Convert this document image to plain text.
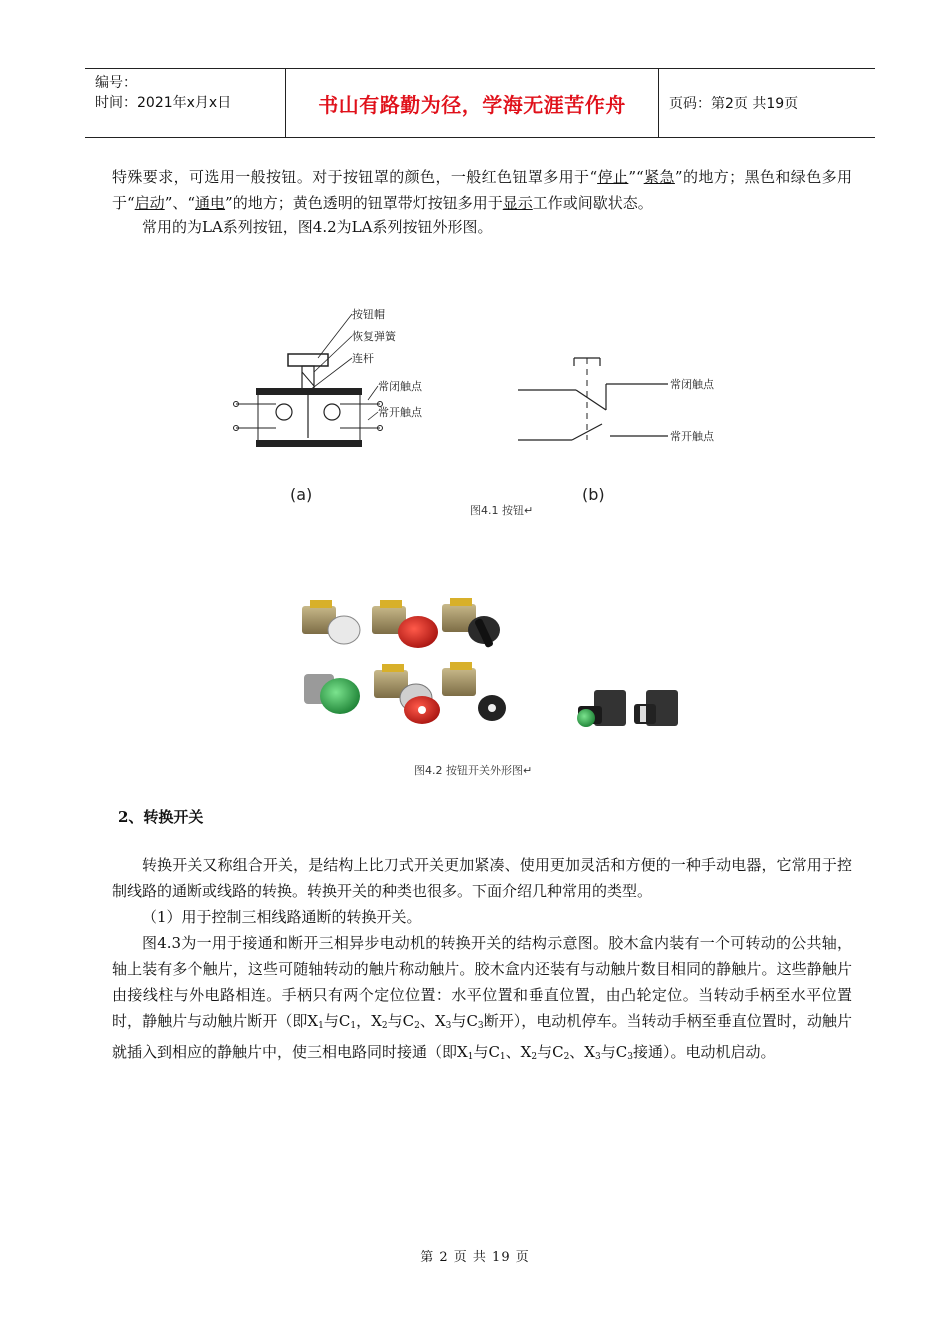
编号：
时间：2021年x月x日	书山有路勤为径，学海无涯苦作舟	页码：第2页 共19页

特殊要求，可选用一般按钮。对于按钮罩的颜色，一般红色钮罩多用于“停止”“紧急”的地方；黑色和绿色多用于“启动”、“通电”的地方；黄色透明的钮罩带灯按钮多用于显示工作或间歇状态。

常用的为LA系列按钮，图4.2为LA系列按钮外形图。

按钮帽
恢复弹簧
连杆
常闭触点
常开触点
(a)
常闭触点
常开触点
(b)
图4.1 按钮↵
图4.2 按钮开关外形图↵
2、转换开关

转换开关又称组合开关，是结构上比刀式开关更加紧凑、使用更加灵活和方便的一种手动电器，它常用于控制线路的通断或线路的转换。转换开关的种类也很多。下面介绍几种常用的类型。

（1）用于控制三相线路通断的转换开关。

图4.3为一用于接通和断开三相异步电动机的转换开关的结构示意图。胶木盒内装有一个可转动的公共轴，轴上装有多个触片，这些可随轴转动的触片称动触片。胶木盒内还装有与动触片数目相同的静触片。这些静触片由接线柱与外电路相连。手柄只有两个定位位置：水平位置和垂直位置，由凸轮定位。当转动手柄至水平位置时，静触片与动触片断开（即$X_1$与$C_1$，$X_2$与$C_2$、$X_3$与$C_3$断开），电动机停车。当转动手柄至垂直位置时，动触片就插入到相应的静触片中，使三相电路同时接通（即$X_1$与$C_1$、$X_2$与$C_2$、$X_3$与$C_3$接通）。电动机启动。

第 2 页 共 19 页
